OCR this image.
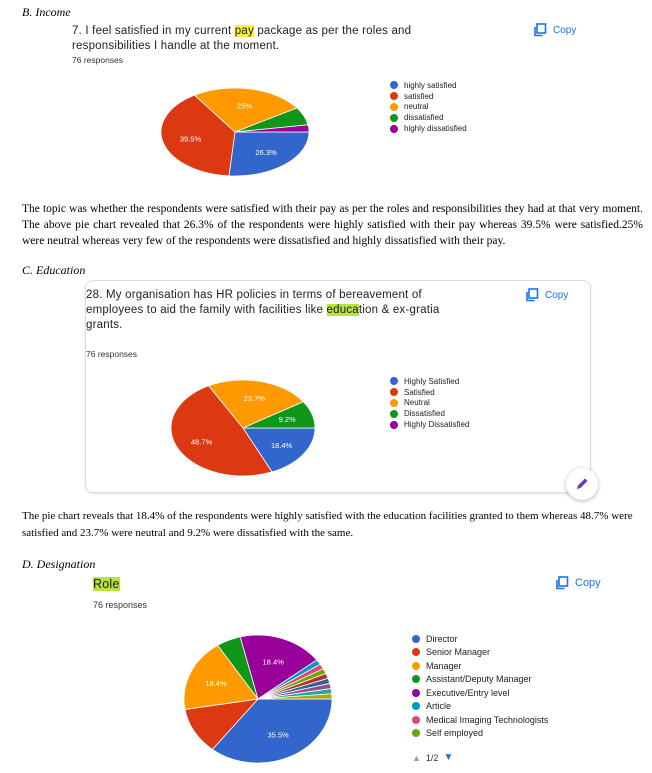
B. Income
7. I feel satisfied in my current pay package as per the roles and responsibilities I handle at the moment.
Copy
76 responses
26.3%
39.5%
25%
highly satisfied
satisfied
neutral
dissatisfied
highly dissatisfied
The topic was whether the respondents were satisfied with their pay as per the roles and responsibilities they had at that very moment. The above pie chart revealed that 26.3% of the respondents were highly satisfied with their pay whereas 39.5% were satisfied.25% were neutral whereas very few of the respondents were dissatisfied and highly dissatisfied with their pay.
C. Education
28. My organisation has HR policies in terms of bereavement of employees to aid the family with facilities like education & ex-gratia grants.
Copy
76 responses
18.4%
48.7%
23.7%
9.2%
Highly Satisfied
Satisfied
Neutral
Dissatisfied
Highly Dissatisfied
The pie chart reveals that 18.4% of the respondents were highly satisfied with the education facilities granted to them whereas 48.7% were satisfied and 23.7% were neutral and 9.2% were dissatisfied with the same.
D. Designation
Role	Copy
76 responses
35.5%
18.4%
18.4%
Director
Senior Manager
Manager
Assistant/Deputy Manager
Executive/Entry level
Article
Medical Imaging Technologists
Self employed
▲ 1/2 ▼
